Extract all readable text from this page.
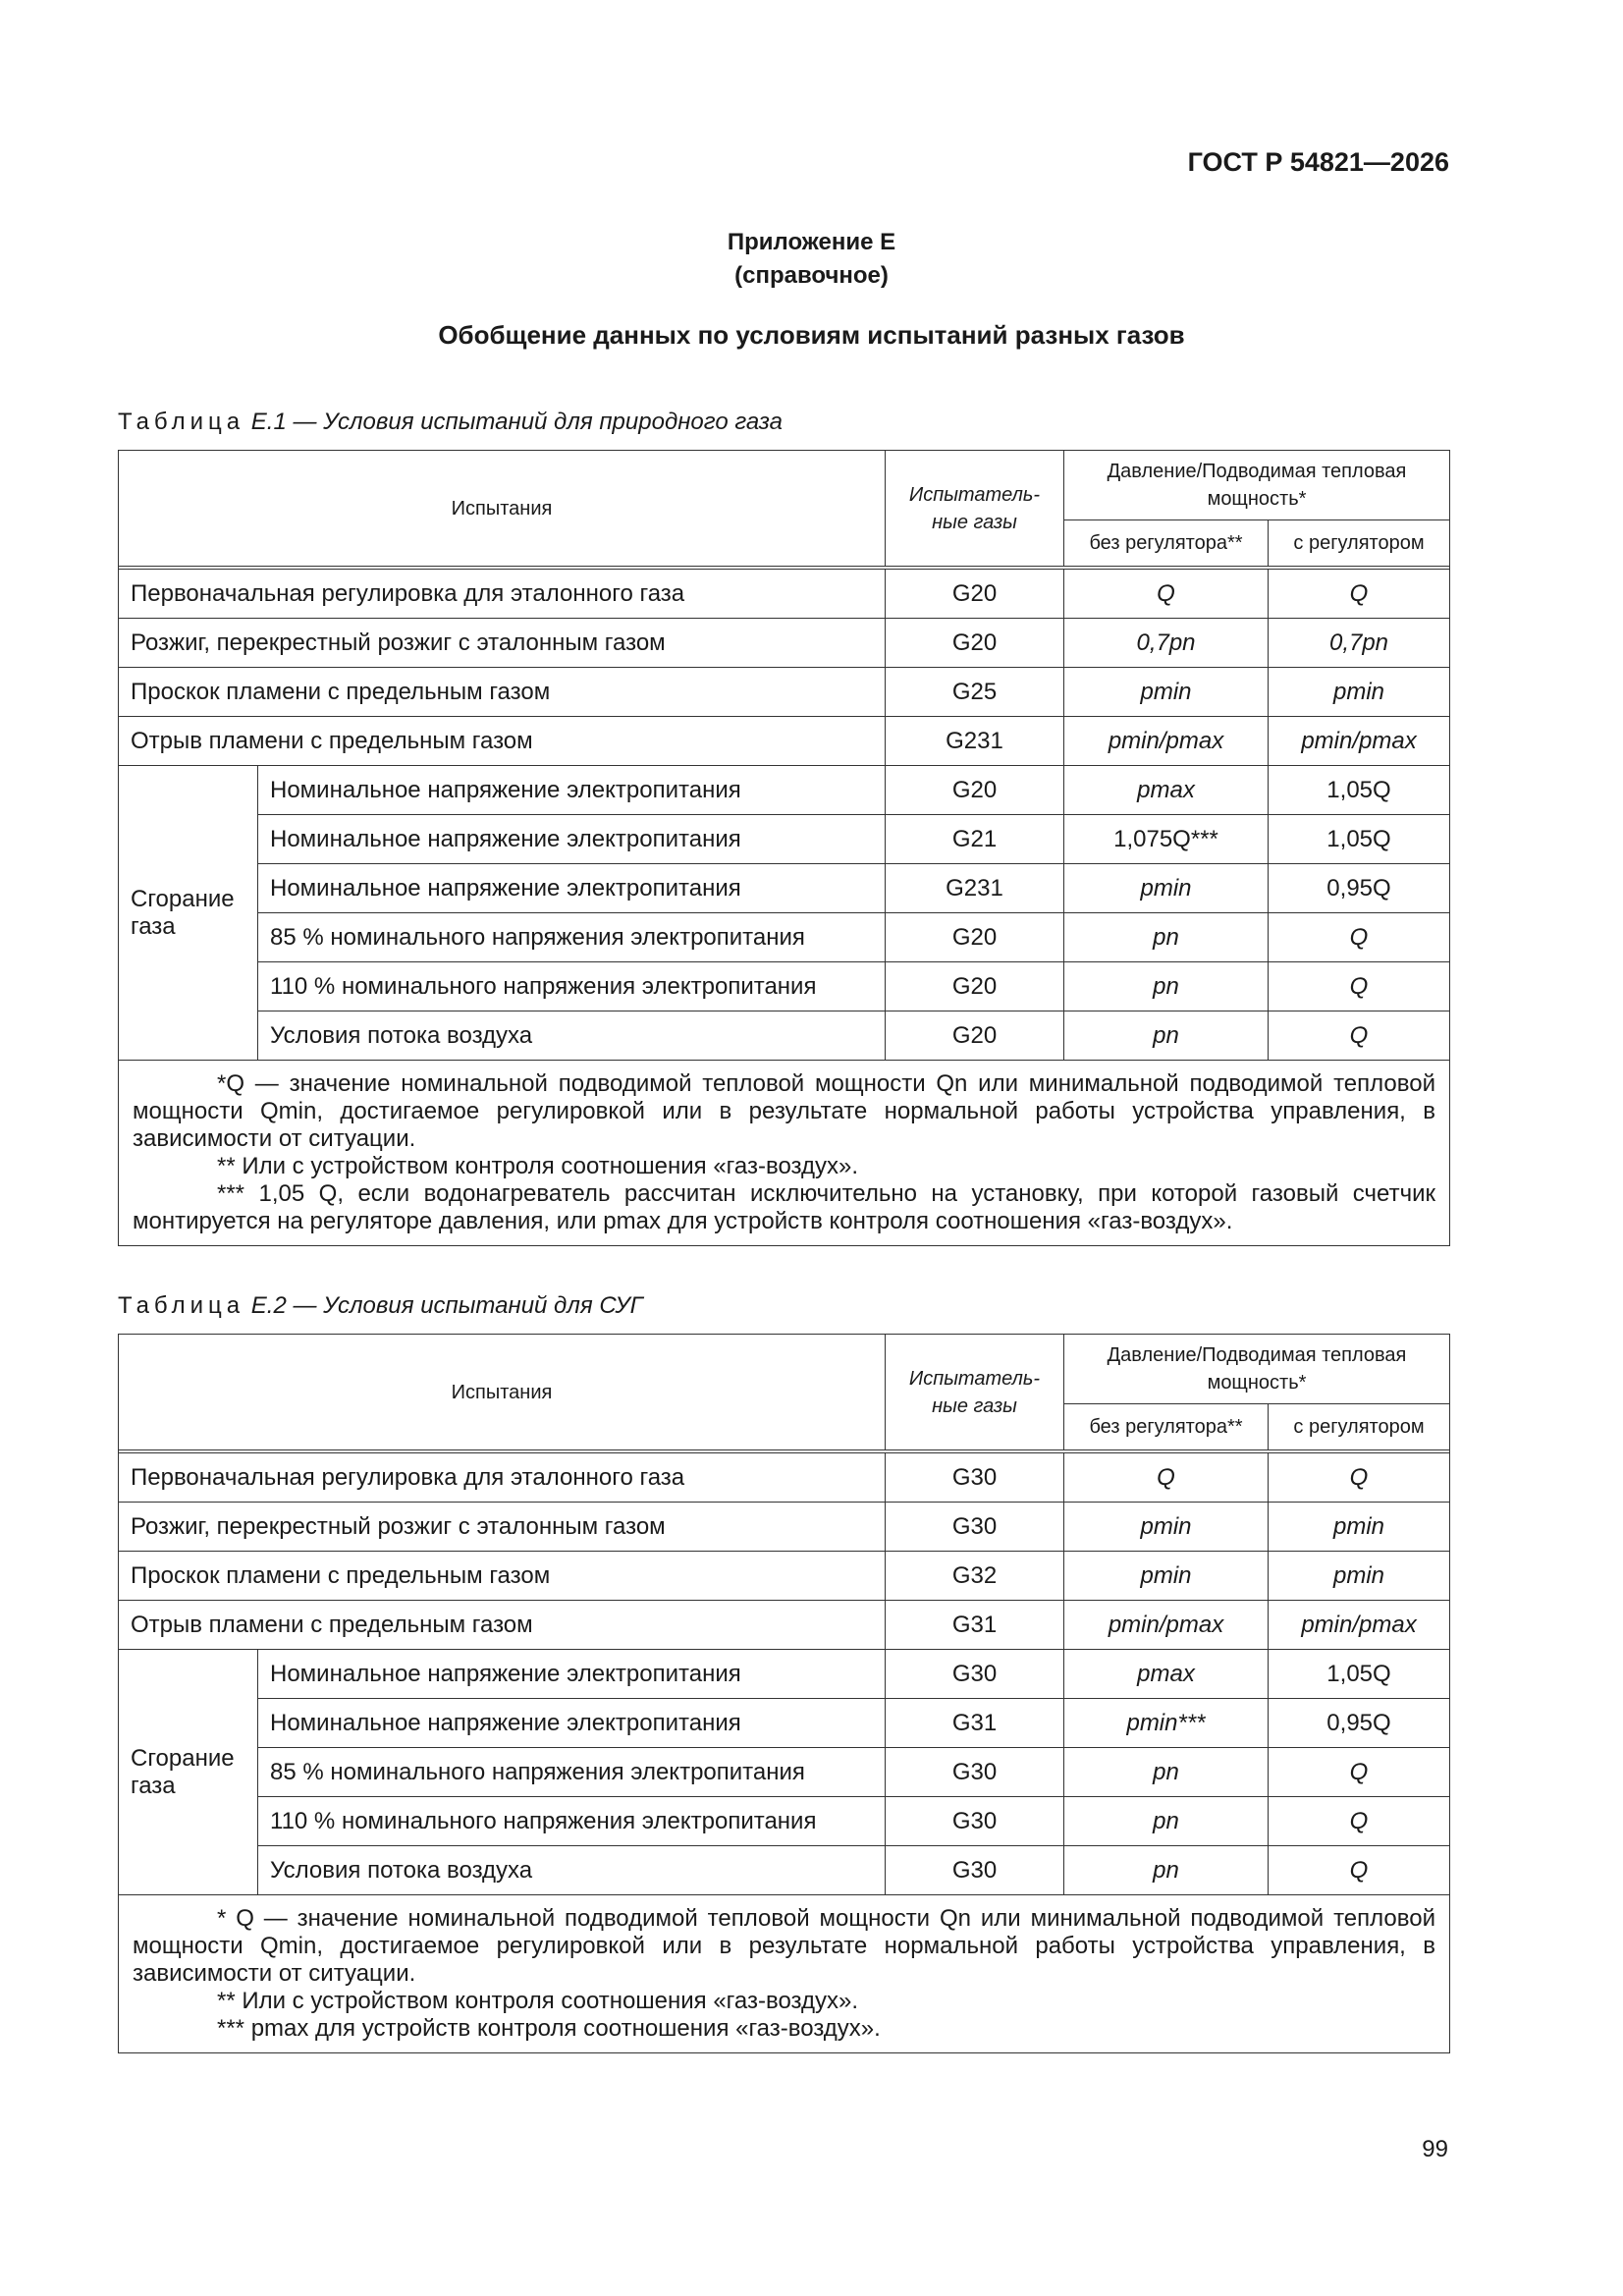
ГОСТ Р 54821—2026
Приложение Е
(справочное)
Обобщение данных по условиям испытаний разных газов
Таблица Е.1 — Условия испытаний для природного газа
Испытания		Испытатель-ные газы	Давление/Подводимая тепловая мощность*	
			без регулятора**	с регулятором

Первоначальная регулировка для эталонного газа		G20	Q	Q
Розжиг, перекрестный розжиг с эталонным газом		G20	0,7pn	0,7pn
Проскок пламени с предельным газом		G25	pmin	pmin
Отрыв пламени с предельным газом		G231	pmin/pmax	pmin/pmax
Сгорание газа	Номинальное напряжение электропитания	G20	pmax	1,05Q
	Номинальное напряжение электропитания	G21	1,075Q***	1,05Q
	Номинальное напряжение электропитания	G231	pmin	0,95Q
	85 % номинального напряжения электропитания	G20	pn	Q
	110 % номинального напряжения электропитания	G20	pn	Q
	Условия потока воздуха	G20	pn	Q

*Q — значение номинальной подводимой тепловой мощности Qn или минимальной подводимой тепловой мощности Qmin, достигаемое регулировкой или в результате нормальной работы устройства управления, в зависимости от ситуации.

** Или с устройством контроля соотношения «газ-воздух».

*** 1,05 Q, если водонагреватель рассчитан исключительно на установку, при которой газовый счетчик монтируется на регуляторе давления, или pmax для устройств контроля соотношения «газ-воздух».				

Таблица Е.2 — Условия испытаний для СУГ
Испытания		Испытатель-ные газы	Давление/Подводимая тепловая мощность*	
			без регулятора**	с регулятором

Первоначальная регулировка для эталонного газа		G30	Q	Q
Розжиг, перекрестный розжиг с эталонным газом		G30	pmin	pmin
Проскок пламени с предельным газом		G32	pmin	pmin
Отрыв пламени с предельным газом		G31	pmin/pmax	pmin/pmax
Сгорание газа	Номинальное напряжение электропитания	G30	pmax	1,05Q
	Номинальное напряжение электропитания	G31	pmin***	0,95Q
	85 % номинального напряжения электропитания	G30	pn	Q
	110 % номинального напряжения электропитания	G30	pn	Q
	Условия потока воздуха	G30	pn	Q

* Q — значение номинальной подводимой тепловой мощности Qn или минимальной подводимой тепловой мощности Qmin, достигаемое регулировкой или в результате нормальной работы устройства управления, в зависимости от ситуации.

** Или с устройством контроля соотношения «газ-воздух».

*** pmax для устройств контроля соотношения «газ-воздух».				

99
